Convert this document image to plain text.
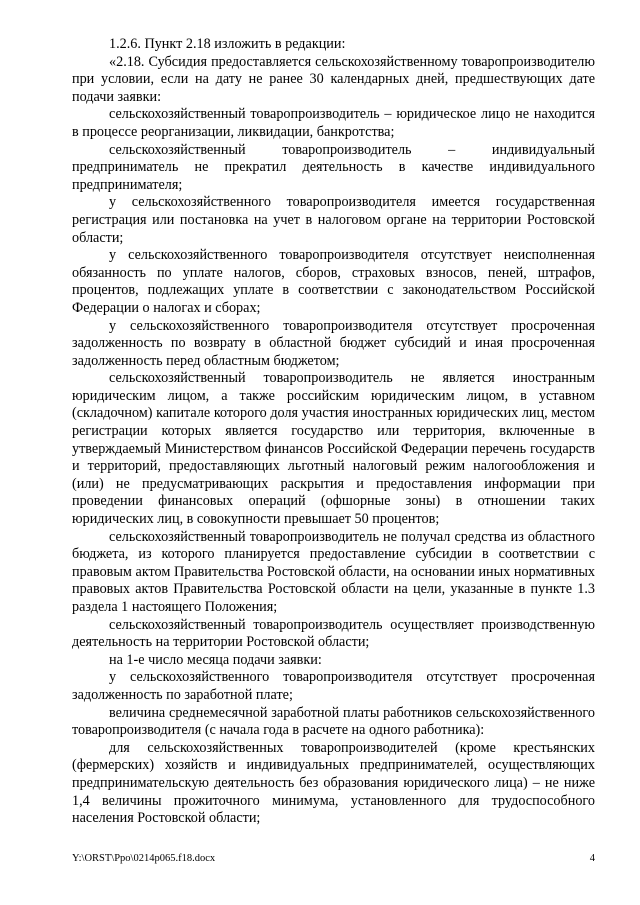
1.2.6. Пункт 2.18 изложить в редакции:

«2.18. Субсидия предоставляется сельскохозяйственному товаропроизводителю при условии, если на дату не ранее 30 календарных дней, предшествующих дате подачи заявки:

сельскохозяйственный товаропроизводитель – юридическое лицо не находится в процессе реорганизации, ликвидации, банкротства;

сельскохозяйственный товаропроизводитель – индивидуальный предприниматель не прекратил деятельность в качестве индивидуального предпринимателя;

у сельскохозяйственного товаропроизводителя имеется государственная регистрация или постановка на учет в налоговом органе на территории Ростовской области;

у сельскохозяйственного товаропроизводителя отсутствует неисполненная обязанность по уплате налогов, сборов, страховых взносов, пеней, штрафов, процентов, подлежащих уплате в соответствии с законодательством Российской Федерации о налогах и сборах;

у сельскохозяйственного товаропроизводителя отсутствует просроченная задолженность по возврату в областной бюджет субсидий и иная просроченная задолженность перед областным бюджетом;

сельскохозяйственный товаропроизводитель не является иностранным юридическим лицом, а также российским юридическим лицом, в уставном (складочном) капитале которого доля участия иностранных юридических лиц, местом регистрации которых является государство или территория, включенные в утверждаемый Министерством финансов Российской Федерации перечень государств и территорий, предоставляющих льготный налоговый режим налогообложения и (или) не предусматривающих раскрытия и предоставления информации при проведении финансовых операций (офшорные зоны) в отношении таких юридических лиц, в совокупности превышает 50 процентов;

сельскохозяйственный товаропроизводитель не получал средства из областного бюджета, из которого планируется предоставление субсидии в соответствии с правовым актом Правительства Ростовской области, на основании иных нормативных правовых актов Правительства Ростовской области на цели, указанные в пункте 1.3 раздела 1 настоящего Положения;

сельскохозяйственный товаропроизводитель осуществляет производственную деятельность на территории Ростовской области;

на 1-е число месяца подачи заявки:

у сельскохозяйственного товаропроизводителя отсутствует просроченная задолженность по заработной плате;

величина среднемесячной заработной платы работников сельскохозяйственного товаропроизводителя (с начала года в расчете на одного работника):

для сельскохозяйственных товаропроизводителей (кроме крестьянских (фермерских) хозяйств и индивидуальных предпринимателей, осуществляющих предпринимательскую деятельность без образования юридического лица) – не ниже 1,4 величины прожиточного минимума, установленного для трудоспособного населения Ростовской области;

Y:\ORST\Ppo\0214p065.f18.docx	4
